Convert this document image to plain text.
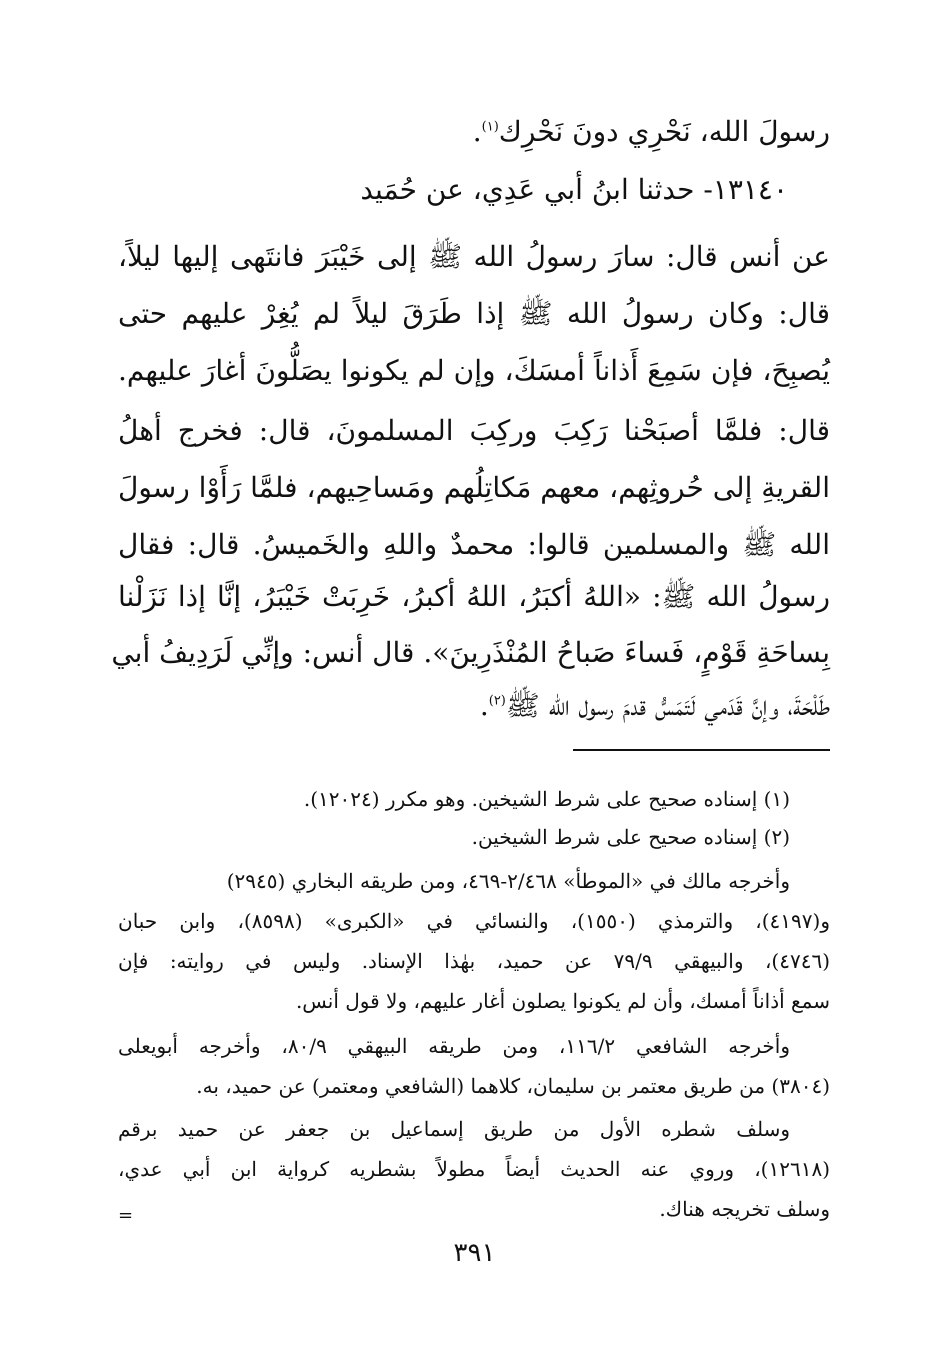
رسولَ الله، نَحْرِي دونَ نَحْرِك$^{(١)}$.
١٣١٤٠- حدثنا ابنُ أبي عَدِي، عن حُمَيد
عن أنس قال: سارَ رسولُ الله ﷺ إلى خَيْبَرَ فانتَهى إليها ليلاً،
قال: وكان رسولُ الله ﷺ إذا طَرَقَ ليلاً لم يُغِرْ عليهم حتى
يُصبِحَ، فإن سَمِعَ أَذاناً أمسَكَ، وإن لم يكونوا يصَلُّونَ أغارَ عليهم.
قال: فلمَّا أصبَحْنا رَكِبَ وركِبَ المسلمونَ، قال: فخرج أهلُ
القريةِ إلى حُروثِهم، معهم مَكاتِلُهم ومَساحِيهم، فلمَّا رَأَوْا رسولَ
الله ﷺ والمسلمين قالوا: محمدٌ واللهِ والخَميسُ. قال: فقال
رسولُ الله ﷺ: «اللهُ أكبَرُ، اللهُ أكبرُ، خَرِبَتْ خَيْبَرُ، إنَّا إذا نَزَلْنا
بِساحَةِ قَوْمٍ، فَساءَ صَباحُ المُنْذَرِينَ». قال أنس: وإنِّي لَرَدِيفُ أبي
طَلْحَةَ، وإنَّ قَدَمي لَتَمَسُّ قدمَ رسول الله ﷺ$^{(٢)}$.
(١) إسناده صحيح على شرط الشيخين. وهو مكرر (١٢٠٢٤).
(٢) إسناده صحيح على شرط الشيخين.
وأخرجه مالك في «الموطأ» ٢/٤٦٨-٤٦٩، ومن طريقه البخاري (٢٩٤٥)
و(٤١٩٧)، والترمذي (١٥٥٠)، والنسائي في «الكبرى» (٨٥٩٨)، وابن حبان
(٤٧٤٦)، والبيهقي ٧٩/٩ عن حميد، بهٰذا الإسناد. وليس في روايته: فإن
سمع أذاناً أمسك، وأن لم يكونوا يصلون أغار عليهم، ولا قول أنس.
وأخرجه الشافعي ١١٦/٢، ومن طريقه البيهقي ٨٠/٩، وأخرجه أبويعلى
(٣٨٠٤) من طريق معتمر بن سليمان، كلاهما (الشافعي ومعتمر) عن حميد، به.
وسلف شطره الأول من طريق إسماعيل بن جعفر عن حميد برقم
(١٢٦١٨)، وروي عنه الحديث أيضاً مطولاً بشطريه كرواية ابن أبي عدي،
وسلف تخريجه هناك.
=
٣٩١
